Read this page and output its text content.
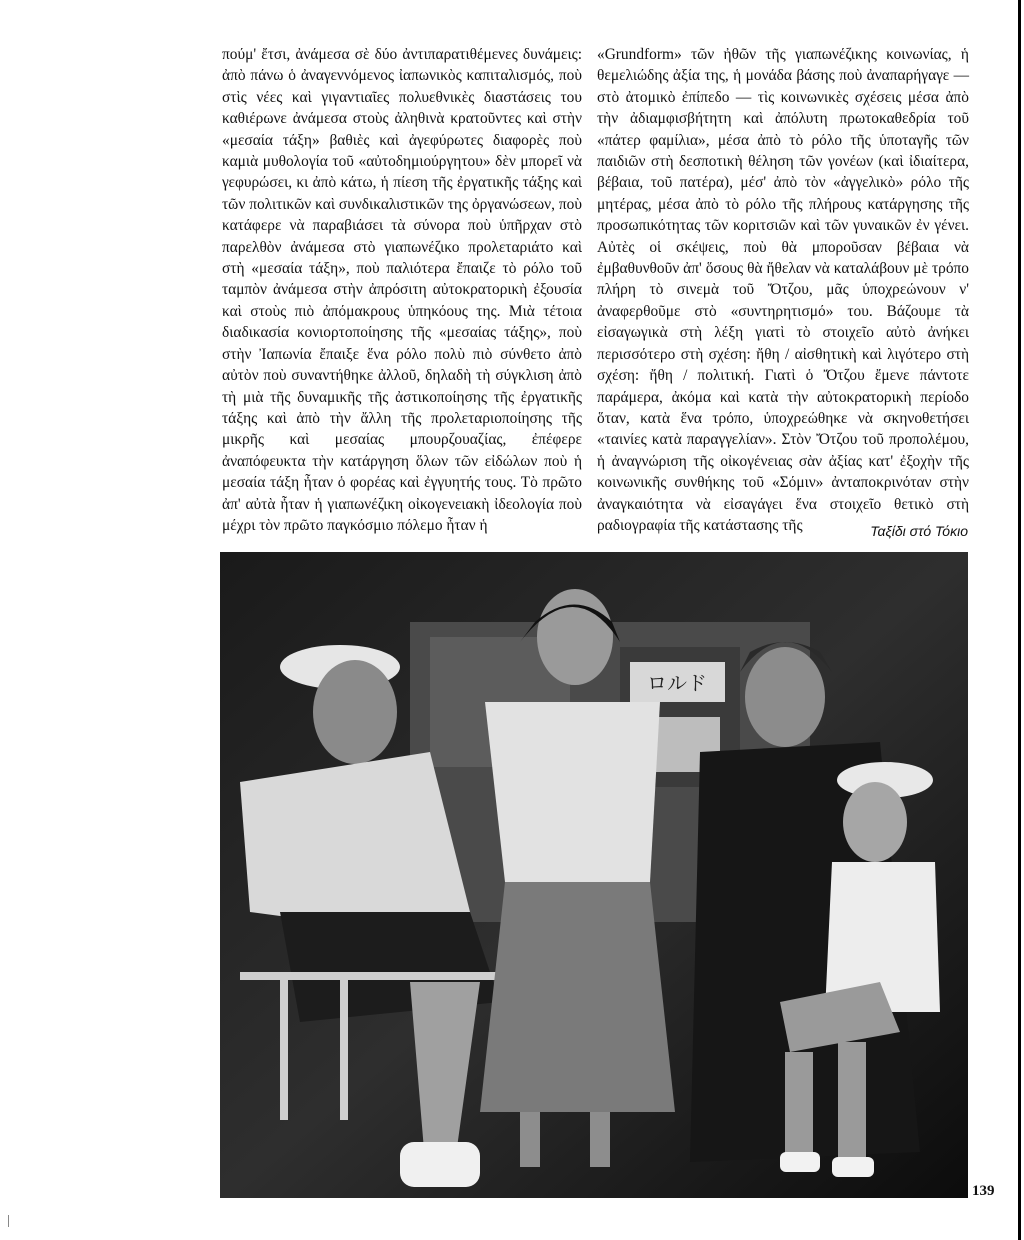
πούμ' ἔτσι, ἀνάμεσα σὲ δύο ἀντιπαρατιθέμενες δυνάμεις: ἀπὸ πάνω ὁ ἀναγεννόμενος ἰαπωνικὸς καπιταλισμός, ποὺ στὶς νέες καὶ γιγαντιαῖες πολυεθνικὲς διαστάσεις του καθιέρωνε ἀνάμεσα στοὺς ἀληθινὰ κρατοῦντες καὶ στὴν «μεσαία τάξη» βαθιὲς καὶ ἀγεφύρωτες διαφορὲς ποὺ καμιὰ μυθολογία τοῦ «αὐτοδημιούργητου» δὲν μπορεῖ νὰ γεφυρώσει, κι ἀπὸ κάτω, ἡ πίεση τῆς ἐργατικῆς τάξης καὶ τῶν πολιτικῶν καὶ συνδικαλιστικῶν της ὀργανώσεων, ποὺ κατάφερε νὰ παραβιάσει τὰ σύνορα ποὺ ὑπῆρχαν στὸ παρελθὸν ἀνάμεσα στὸ γιαπωνέζικο προλεταριάτο καὶ στὴ «μεσαία τάξη», ποὺ παλιότερα ἔπαιζε τὸ ρόλο τοῦ ταμπὸν ἀνάμεσα στὴν ἀπρόσιτη αὐτοκρατορικὴ ἐξουσία καὶ στοὺς πιὸ ἀπόμακρους ὑπηκόους της. Μιὰ τέτοια διαδικασία κονιορτοποίησης τῆς «μεσαίας τάξης», ποὺ στὴν Ἰαπωνία ἔπαιξε ἕνα ρόλο πολὺ πιὸ σύνθετο ἀπὸ αὐτὸν ποὺ συναντήθηκε ἀλλοῦ, δηλαδὴ τὴ σύγκλιση ἀπὸ τὴ μιὰ τῆς δυναμικῆς τῆς ἀστικοποίησης τῆς ἐργατικῆς τάξης καὶ ἀπὸ τὴν ἄλλη τῆς προλεταριοποίησης τῆς μικρῆς καὶ μεσαίας μπουρζουαζίας, ἐπέφερε ἀναπόφευκτα τὴν κατάργηση ὅλων τῶν εἰδώλων ποὺ ἡ μεσαία τάξη ἦταν ὁ φορέας καὶ ἐγγυητής τους. Τὸ πρῶτο ἀπ' αὐτὰ ἦταν ἡ γιαπωνέζικη οἰκογενειακὴ ἰδεολογία ποὺ μέχρι τὸν πρῶτο παγκόσμιο πόλεμο ἦταν ἡ

«Grundform» τῶν ἠθῶν τῆς γιαπωνέζικης κοινωνίας, ἡ θεμελιώδης ἀξία της, ἡ μονάδα βάσης ποὺ ἀναπαρήγαγε — στὸ ἀτομικὸ ἐπίπεδο — τὶς κοινωνικὲς σχέσεις μέσα ἀπὸ τὴν ἀδιαμφισβήτητη καὶ ἀπόλυτη πρωτοκαθεδρία τοῦ «πάτερ φαμίλια», μέσα ἀπὸ τὸ ρόλο τῆς ὑποταγῆς τῶν παιδιῶν στὴ δεσποτικὴ θέληση τῶν γονέων (καὶ ἰδιαίτερα, βέβαια, τοῦ πατέρα), μέσ' ἀπὸ τὸν «ἀγγελικὸ» ρόλο τῆς μητέρας, μέσα ἀπὸ τὸ ρόλο τῆς πλήρους κατάργησης τῆς προσωπικότητας τῶν κοριτσιῶν καὶ τῶν γυναικῶν ἐν γένει. Αὐτὲς οἱ σκέψεις, ποὺ θὰ μποροῦσαν βέβαια νὰ ἐμβαθυνθοῦν ἀπ' ὅσους θὰ ἤθελαν νὰ καταλάβουν μὲ τρόπο πλήρη τὸ σινεμὰ τοῦ Ὄτζου, μᾶς ὑποχρεώνουν ν' ἀναφερθοῦμε στὸ «συντηρητισμό» του. Βάζουμε τὰ εἰσαγωγικὰ στὴ λέξη γιατὶ τὸ στοιχεῖο αὐτὸ ἀνήκει περισσότερο στὴ σχέση: ἤθη / αἰσθητικὴ καὶ λιγότερο στὴ σχέση: ἤθη / πολιτική. Γιατὶ ὁ Ὄτζου ἔμενε πάντοτε παράμερα, ἀκόμα καὶ κατὰ τὴν αὐτοκρατορικὴ περίοδο ὅταν, κατὰ ἕνα τρόπο, ὑποχρεώθηκε νὰ σκηνοθετήσει «ταινίες κατὰ παραγγελίαν». Στὸν Ὄτζου τοῦ προπολέμου, ἡ ἀναγνώριση τῆς οἰκογένειας σὰν ἀξίας κατ' ἐξοχὴν τῆς κοινωνικῆς συνθήκης τοῦ «Σόμιν» ἀνταποκρινόταν στὴν ἀναγκαιότητα νὰ εἰσαγάγει ἕνα στοιχεῖο θετικὸ στὴ ραδιογραφία τῆς κατάστασης τῆς	Ταξίδι στό Τόκιο
ロルド
139
